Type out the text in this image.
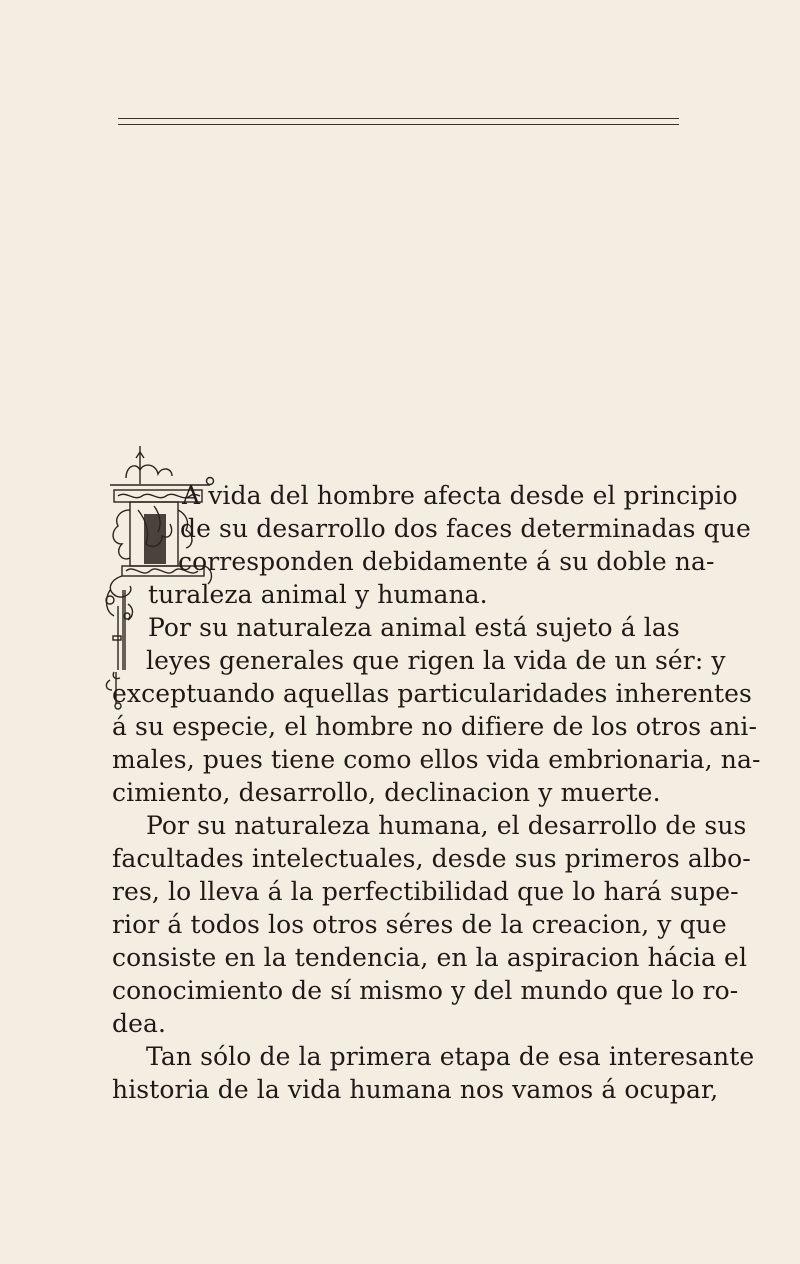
A vida del hombre afecta desde el principio
de su desarrollo dos faces determinadas que
corresponden debidamente á su doble na-
turaleza animal y humana.
Por su naturaleza animal está sujeto á las
leyes generales que rigen la vida de un sér: y
exceptuando aquellas particularidades inherentes
á su especie, el hombre no difiere de los otros ani-
males, pues tiene como ellos vida embrionaria, na-
cimiento, desarrollo, declinacion y muerte.
Por su naturaleza humana, el desarrollo de sus
facultades intelectuales, desde sus primeros albo-
res, lo lleva á la perfectibilidad que lo hará supe-
rior á todos los otros séres de la creacion, y que
consiste en la tendencia, en la aspiracion hácia el
conocimiento de sí mismo y del mundo que lo ro-
dea.
Tan sólo de la primera etapa de esa interesante
historia de la vida humana nos vamos á ocupar,
